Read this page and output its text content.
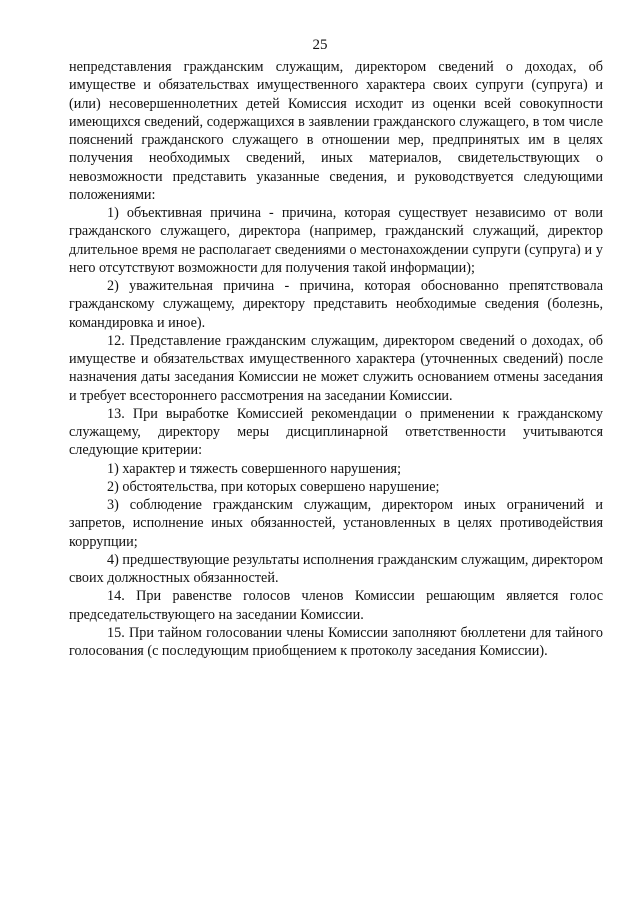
25

непредставления гражданским служащим, директором сведений о доходах, об имуществе и обязательствах имущественного характера своих супруги (супруга) и (или) несовершеннолетних детей Комиссия исходит из оценки всей совокупности имеющихся сведений, содержащихся в заявлении гражданского служащего, в том числе пояснений гражданского служащего в отношении мер, предпринятых им в целях получения необходимых сведений, иных материалов, свидетельствующих о невозможности представить указанные сведения, и руководствуется следующими положениями:

1) объективная причина - причина, которая существует независимо от воли гражданского служащего, директора (например, гражданский служащий, директор длительное время не располагает сведениями о местонахождении супруги (супруга) и у него отсутствуют возможности для получения такой информации);

2) уважительная причина - причина, которая обоснованно препятствовала гражданскому служащему, директору представить необходимые сведения (болезнь, командировка и иное).

12. Представление гражданским служащим, директором сведений о доходах, об имуществе и обязательствах имущественного характера (уточненных сведений) после назначения даты заседания Комиссии не может служить основанием отмены заседания и требует всестороннего рассмотрения на заседании Комиссии.

13. При выработке Комиссией рекомендации о применении к гражданскому служащему, директору меры дисциплинарной ответственности учитываются следующие критерии:

1) характер и тяжесть совершенного нарушения;

2) обстоятельства, при которых совершено нарушение;

3) соблюдение гражданским служащим, директором иных ограничений и запретов, исполнение иных обязанностей, установленных в целях противодействия коррупции;

4) предшествующие результаты исполнения гражданским служащим, директором своих должностных обязанностей.

14. При равенстве голосов членов Комиссии решающим является голос председательствующего на заседании Комиссии.

15. При тайном голосовании члены Комиссии заполняют бюллетени для тайного голосования (с последующим приобщением к протоколу заседания Комиссии).
